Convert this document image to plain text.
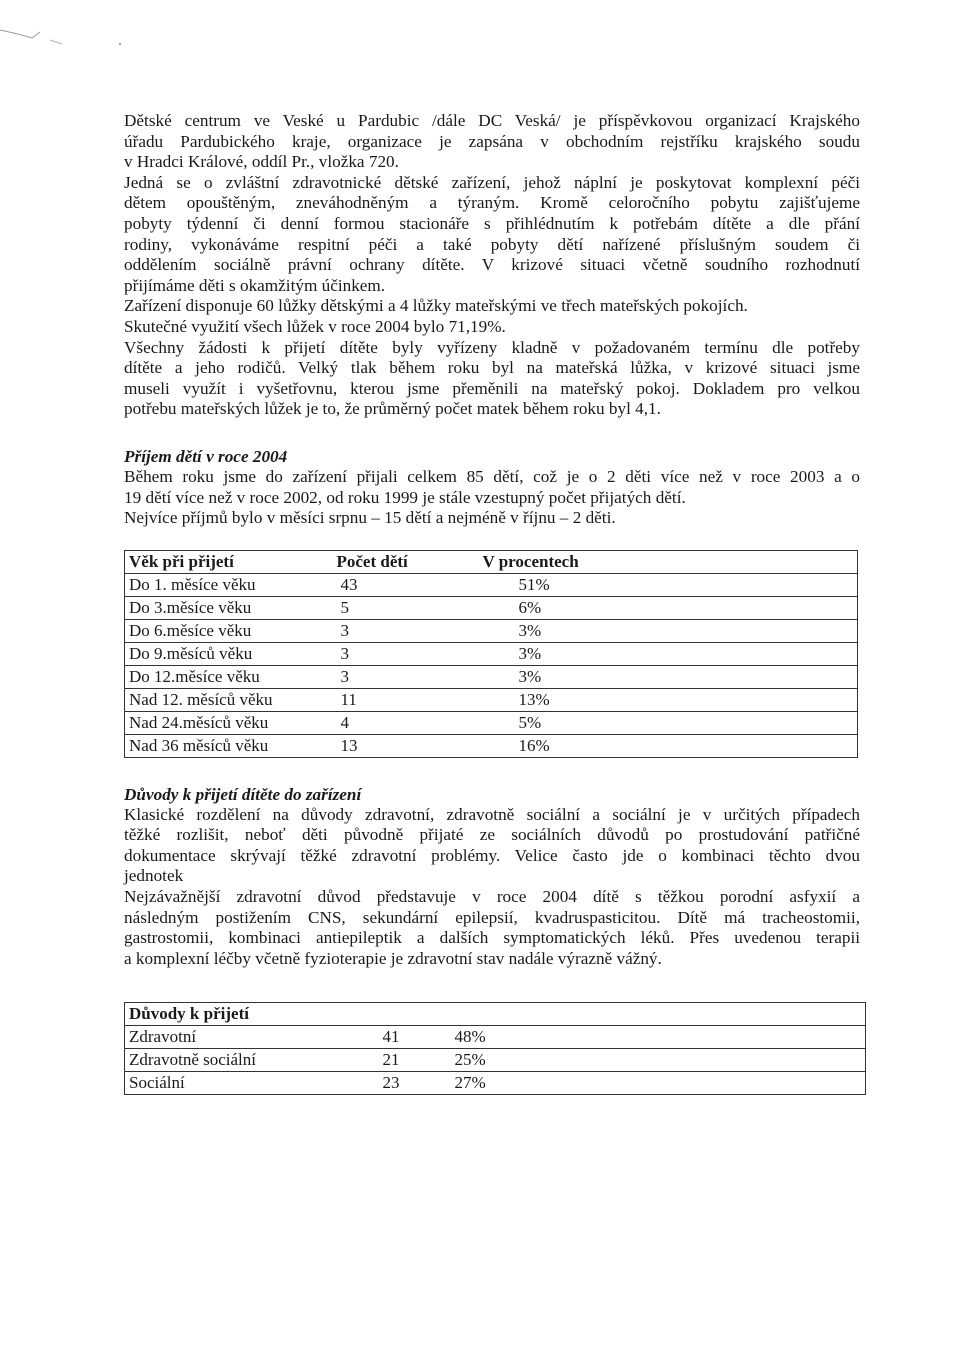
Dětské centrum ve Veské u Pardubic /dále DC Veská/ je příspěvkovou organizací Krajského
úřadu Pardubického kraje, organizace je zapsána v obchodním rejstříku krajského soudu
v Hradci Králové, oddíl Pr., vložka 720.
Jedná se o zvláštní zdravotnické dětské zařízení, jehož náplní je poskytovat komplexní péči
dětem opouštěným, zneváhodněným a týraným. Kromě celoročního pobytu zajišťujeme
pobyty týdenní či denní formou stacionáře s přihlédnutím k potřebám dítěte a dle přání
rodiny, vykonáváme respitní péči a také pobyty dětí nařízené příslušným soudem či
oddělením sociálně právní ochrany dítěte. V krizové situaci včetně soudního rozhodnutí
přijímáme děti s okamžitým účinkem.
Zařízení disponuje 60 lůžky dětskými a 4 lůžky mateřskými ve třech mateřských pokojích.
Skutečné využití všech lůžek v roce 2004 bylo 71,19%.
Všechny žádosti k přijetí dítěte byly vyřízeny kladně v požadovaném termínu dle potřeby
dítěte a jeho rodičů. Velký tlak během roku byl na mateřská lůžka, v krizové situaci jsme
museli využít i vyšetřovnu, kterou jsme přeměnili na mateřský pokoj. Dokladem pro velkou
potřebu mateřských lůžek je to, že průměrný počet matek během roku byl 4,1.

Příjem dětí v roce 2004

Během roku jsme do zařízení přijali celkem 85 dětí, což je o 2 děti více než v roce 2003 a o
19 dětí více než v roce 2002, od roku 1999 je stále vzestupný počet přijatých dětí.
Nejvíce příjmů bylo v měsíci srpnu – 15 dětí a nejméně v říjnu – 2 děti.
Věk při přijetí	Počet dětí	V procentech
Do 1. měsíce věku	43	51%
Do 3.měsíce věku	5	6%
Do 6.měsíce věku	3	3%
Do 9.měsíců věku	3	3%
Do 12.měsíce věku	3	3%
Nad 12. měsíců věku	11	13%
Nad 24.měsíců věku	4	5%
Nad 36 měsíců věku	13	16%

Důvody k přijetí dítěte do zařízení

Klasické rozdělení na důvody zdravotní, zdravotně sociální a sociální je v určitých případech
těžké rozlišit, neboť děti původně přijaté ze sociálních důvodů po prostudování patřičné
dokumentace skrývají těžké zdravotní problémy. Velice často jde o kombinaci těchto dvou
jednotek
Nejzávažnější zdravotní důvod představuje v roce 2004 dítě s těžkou porodní asfyxií a
následným postižením CNS, sekundární epilepsií, kvadruspasticitou. Dítě má tracheostomii,
gastrostomii, kombinaci antiepileptik a dalších symptomatických léků. Přes uvedenou terapii
a komplexní léčby včetně fyzioterapie je zdravotní stav nadále výrazně vážný.
Důvody k přijetí		
Zdravotní	41	48%
Zdravotně sociální	21	25%
Sociální	23	27%
